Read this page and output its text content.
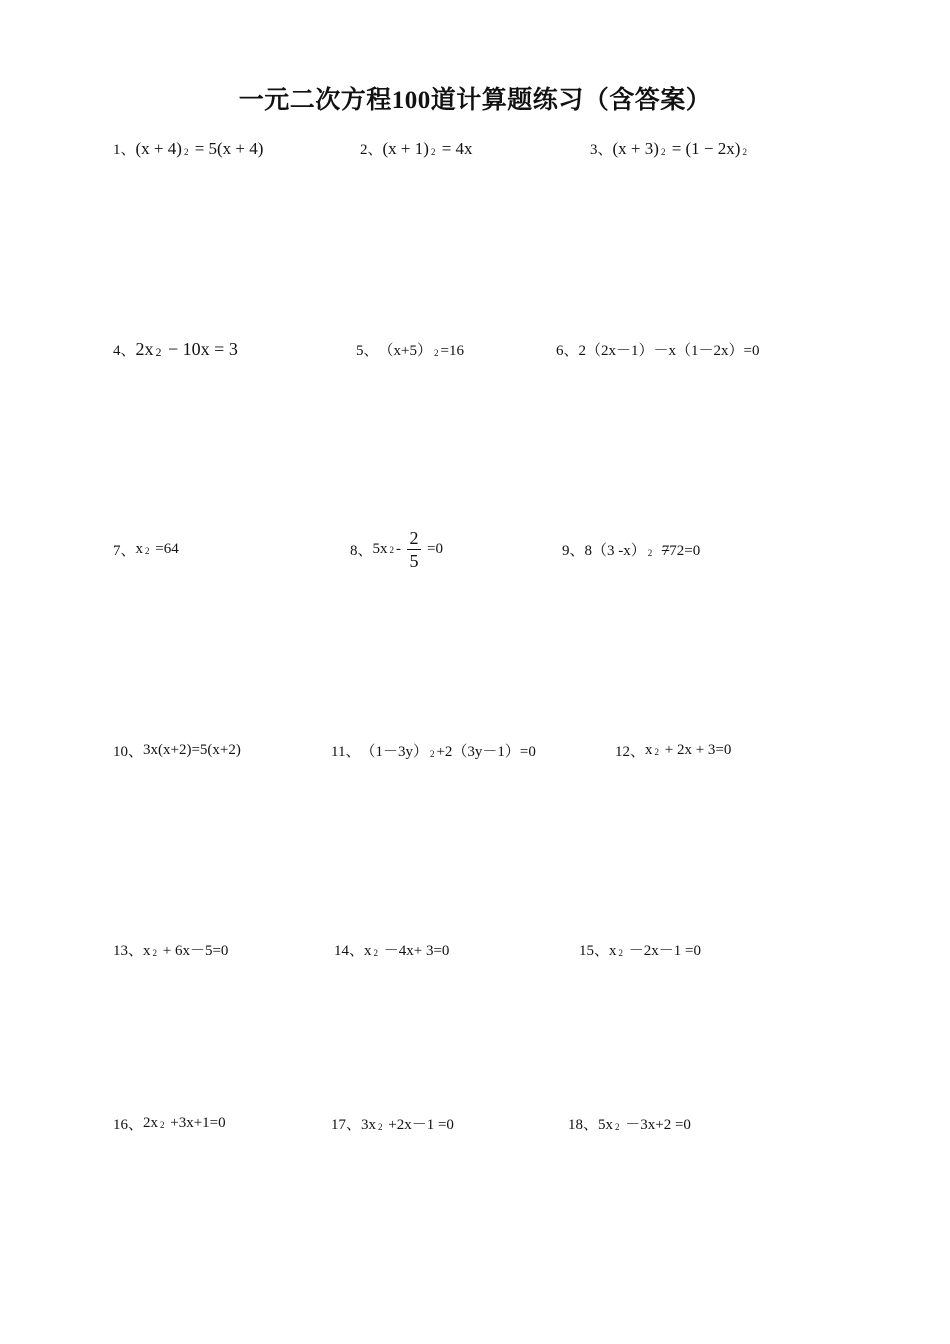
一元二次方程100道计算题练习（含答案）
1、 (x + 4) 2 = 5(x + 4)	2、 (x + 1) 2 = 4x	3、 (x + 3) 2 = (1 − 2x) 2
4、 2x 2 − 10x = 3	5、 （x+5） 2 =16	6、 2（2x－1）－x（1－2x）=0
7、 x 2 =64	8、 5x $2 - \frac{2}{5} =0$	9、 8（3 -x） 2 772=0
10、 3x(x+2)=5(x+2)	11、 （1－3y） 2 +2（3y－1）=0	12、 x 2 + 2x + 3=0
13、 x 2 + 6x－5=0	14、 x 2 －4x+ 3=0	15、 x 2 －2x－1 =0
16、 2x 2 +3x+1=0	17、 3x 2 +2x－1 =0	18、 5x 2 －3x+2 =0
